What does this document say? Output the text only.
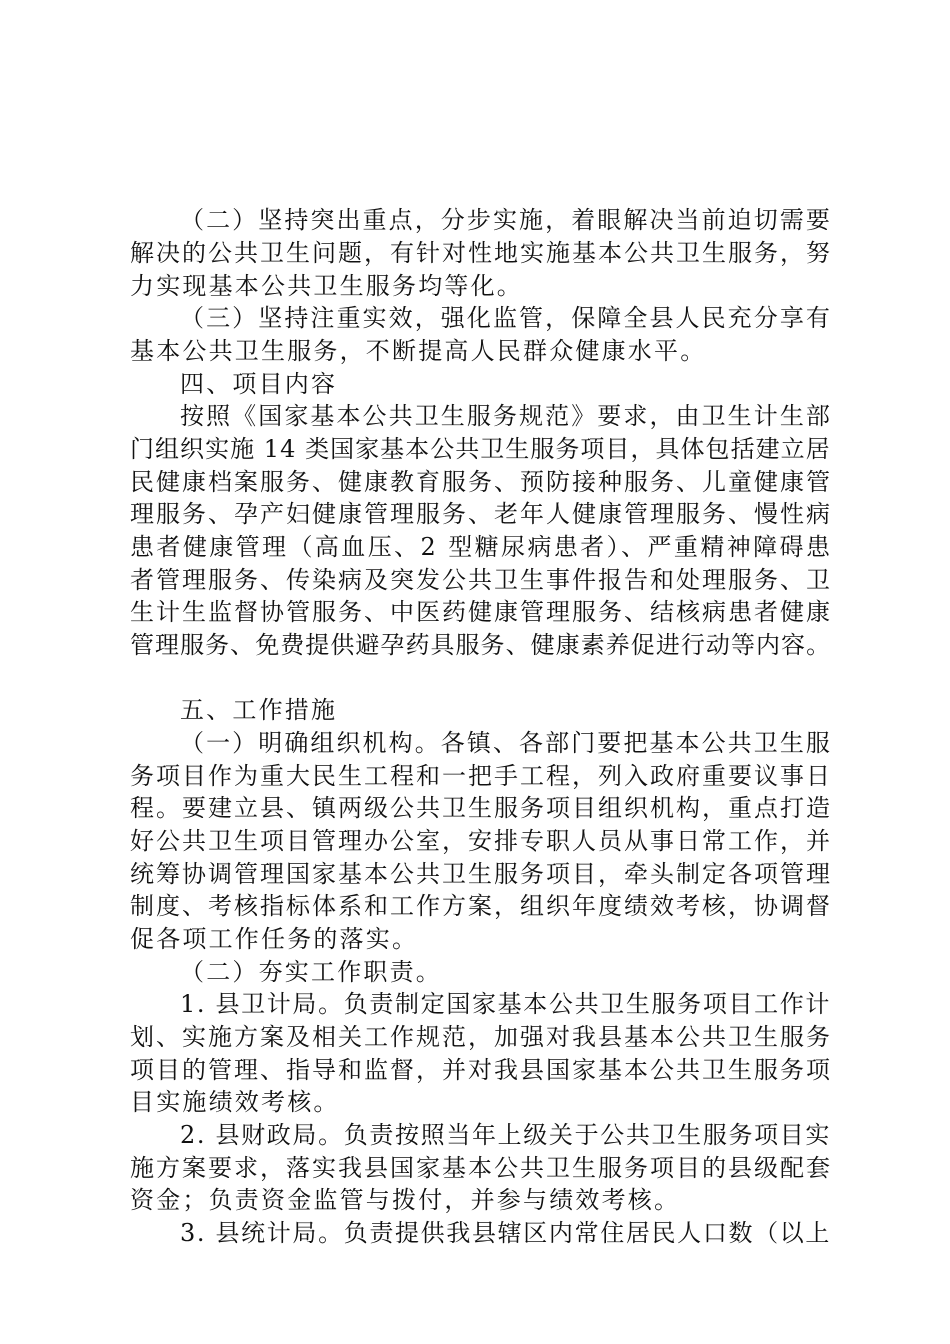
（二）坚持突出重点，分步实施，着眼解决当前迫切需要
解决的公共卫生问题，有针对性地实施基本公共卫生服务，努
力实现基本公共卫生服务均等化。
（三）坚持注重实效，强化监管，保障全县人民充分享有
基本公共卫生服务，不断提高人民群众健康水平。
四、项目内容
按照《国家基本公共卫生服务规范》要求，由卫生计生部
门组织实施 14 类国家基本公共卫生服务项目，具体包括建立居
民健康档案服务、健康教育服务、预防接种服务、儿童健康管
理服务、孕产妇健康管理服务、老年人健康管理服务、慢性病
患者健康管理（高血压、2 型糖尿病患者）、严重精神障碍患
者管理服务、传染病及突发公共卫生事件报告和处理服务、卫
生计生监督协管服务、中医药健康管理服务、结核病患者健康
管理服务、免费提供避孕药具服务、健康素养促进行动等内容。
五、工作措施
（一）明确组织机构。各镇、各部门要把基本公共卫生服
务项目作为重大民生工程和一把手工程，列入政府重要议事日
程。要建立县、镇两级公共卫生服务项目组织机构，重点打造
好公共卫生项目管理办公室，安排专职人员从事日常工作，并
统筹协调管理国家基本公共卫生服务项目，牵头制定各项管理
制度、考核指标体系和工作方案，组织年度绩效考核，协调督
促各项工作任务的落实。
（二）夯实工作职责。
1. 县卫计局。负责制定国家基本公共卫生服务项目工作计
划、实施方案及相关工作规范，加强对我县基本公共卫生服务
项目的管理、指导和监督，并对我县国家基本公共卫生服务项
目实施绩效考核。
2. 县财政局。负责按照当年上级关于公共卫生服务项目实
施方案要求，落实我县国家基本公共卫生服务项目的县级配套
资金；负责资金监管与拨付，并参与绩效考核。
3. 县统计局。负责提供我县辖区内常住居民人口数（以上
